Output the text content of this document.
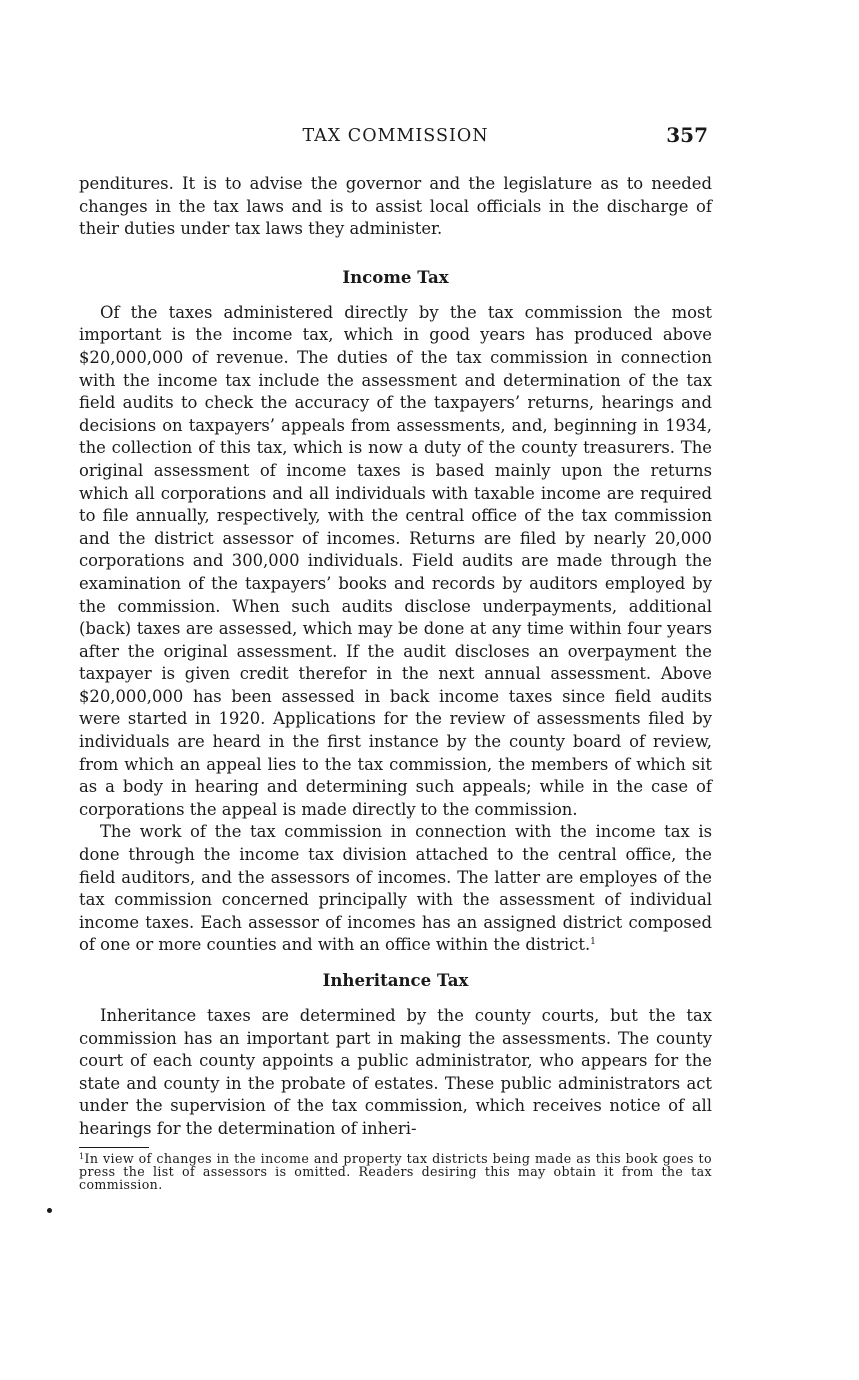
TAX COMMISSION	357

penditures. It is to advise the governor and the legislature as to needed changes in the tax laws and is to assist local officials in the discharge of their duties under tax laws they administer.

Income Tax

Of the taxes administered directly by the tax commission the most important is the income tax, which in good years has produced above $20,000,000 of revenue. The duties of the tax commission in connection with the income tax include the assessment and determination of the tax field audits to check the accuracy of the taxpayers’ returns, hearings and decisions on taxpayers’ appeals from assessments, and, beginning in 1934, the collection of this tax, which is now a duty of the county treasurers. The original assessment of income taxes is based mainly upon the returns which all corporations and all individuals with taxable income are required to file annually, respectively, with the central office of the tax commission and the district assessor of incomes. Returns are filed by nearly 20,000 corporations and 300,000 individuals. Field audits are made through the examination of the taxpayers’ books and records by auditors employed by the commission. When such audits disclose underpayments, additional (back) taxes are assessed, which may be done at any time within four years after the original assessment. If the audit discloses an overpayment the taxpayer is given credit therefor in the next annual assessment. Above $20,000,000 has been assessed in back income taxes since field audits were started in 1920. Applications for the review of assessments filed by individuals are heard in the first instance by the county board of review, from which an appeal lies to the tax commission, the members of which sit as a body in hearing and determining such appeals; while in the case of corporations the appeal is made directly to the commission.

The work of the tax commission in connection with the income tax is done through the income tax division attached to the central office, the field auditors, and the assessors of incomes. The latter are employes of the tax commission concerned principally with the assessment of individual income taxes. Each assessor of incomes has an assigned district composed of one or more counties and with an office within the district.$^1$

Inheritance Tax

Inheritance taxes are determined by the county courts, but the tax commission has an important part in making the assessments. The county court of each county appoints a public administrator, who appears for the state and county in the probate of estates. These public administrators act under the supervision of the tax commission, which receives notice of all hearings for the determination of inheri-

$^1$In view of changes in the income and property tax districts being made as this book goes to press the list of assessors is omitted. Readers desiring this may obtain it from the tax commission.
